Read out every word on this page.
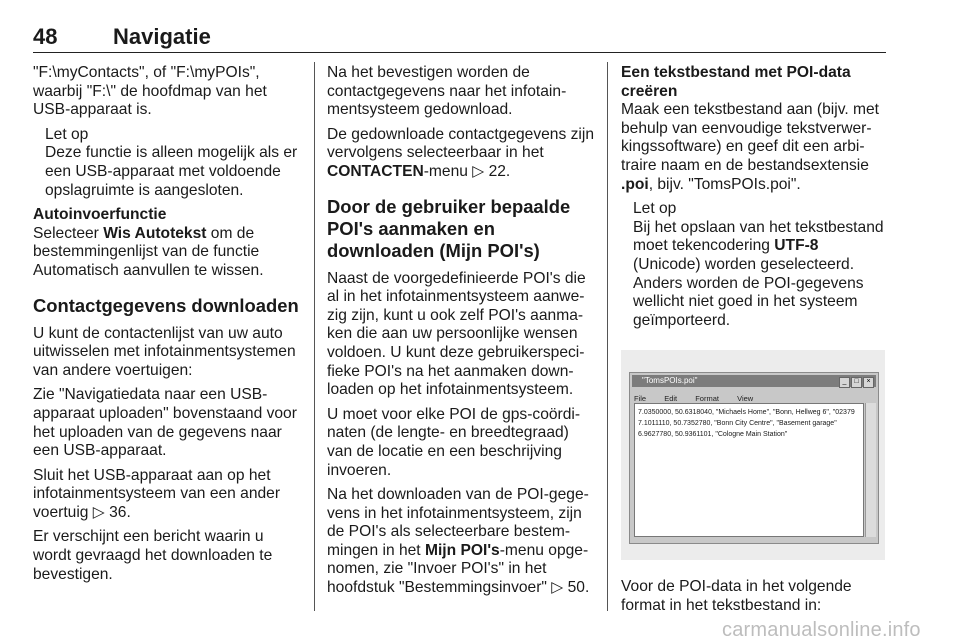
48	Navigatie

"F:\myContacts", of "F:\myPOIs", waarbij "F:\" de hoofdmap van het USB-apparaat is.

Let op
Deze functie is alleen mogelijk als er een USB-apparaat met voldoende opslagruimte is aangesloten.

Autoinvoerfunctie
Selecteer Wis Autotekst om de bestemmingenlijst van de functie Automatisch aanvullen te wissen.

Contactgegevens downloaden

U kunt de contactenlijst van uw auto uitwisselen met infotainmentsystemen van andere voertuigen:

Zie "Navigatiedata naar een USB-apparaat uploaden" bovenstaand voor het uploaden van de gegevens naar een USB-apparaat.

Sluit het USB-apparaat aan op het infotainmentsysteem van een ander voertuig ▷ 36.

Er verschijnt een bericht waarin u wordt gevraagd het downloaden te bevestigen.

Na het bevestigen worden de contactgegevens naar het infotainmentsysteem gedownload.

De gedownloade contactgegevens zijn vervolgens selecteerbaar in het CONTACTEN-menu ▷ 22.

Door de gebruiker bepaalde POI's aanmaken en downloaden (Mijn POI's)

Naast de voorgedefinieerde POI's die al in het infotainmentsysteem aanwezig zijn, kunt u ook zelf POI's aanmaken die aan uw persoonlijke wensen voldoen. U kunt deze gebruikerspecifieke POI's na het aanmaken downloaden op het infotainmentsysteem.

U moet voor elke POI de gps-coördinaten (de lengte- en breedtegraad) van de locatie en een beschrijving invoeren.

Na het downloaden van de POI-gegevens in het infotainmentsysteem, zijn de POI's als selecteerbare bestemmingen in het Mijn POI's-menu opgenomen, zie "Invoer POI's" in het hoofdstuk "Bestemmingsinvoer" ▷ 50.

Een tekstbestand met POI-data creëren
Maak een tekstbestand aan (bijv. met behulp van eenvoudige tekstverwerkingssoftware) en geef dit een arbitraire naam en de bestandsextensie .poi, bijv. "TomsPOIs.poi".

Let op
Bij het opslaan van het tekstbestand moet tekencodering UTF-8 (Unicode) worden geselecteerd. Anders worden de POI-gegevens wellicht niet goed in het systeem geïmporteerd.
"TomsPOIs.poi"	_ □ ×
File Edit Format View
7.0350000, 50.6318040, "Michaels Home", "Bonn, Hellweg 6", "02379
7.1011110, 50.7352780, "Bonn City Centre", "Basement garage"
6.9627780, 50.9361101, "Cologne Main Station"

Voor de POI-data in het volgende format in het tekstbestand in:

carmanualsonline.info
